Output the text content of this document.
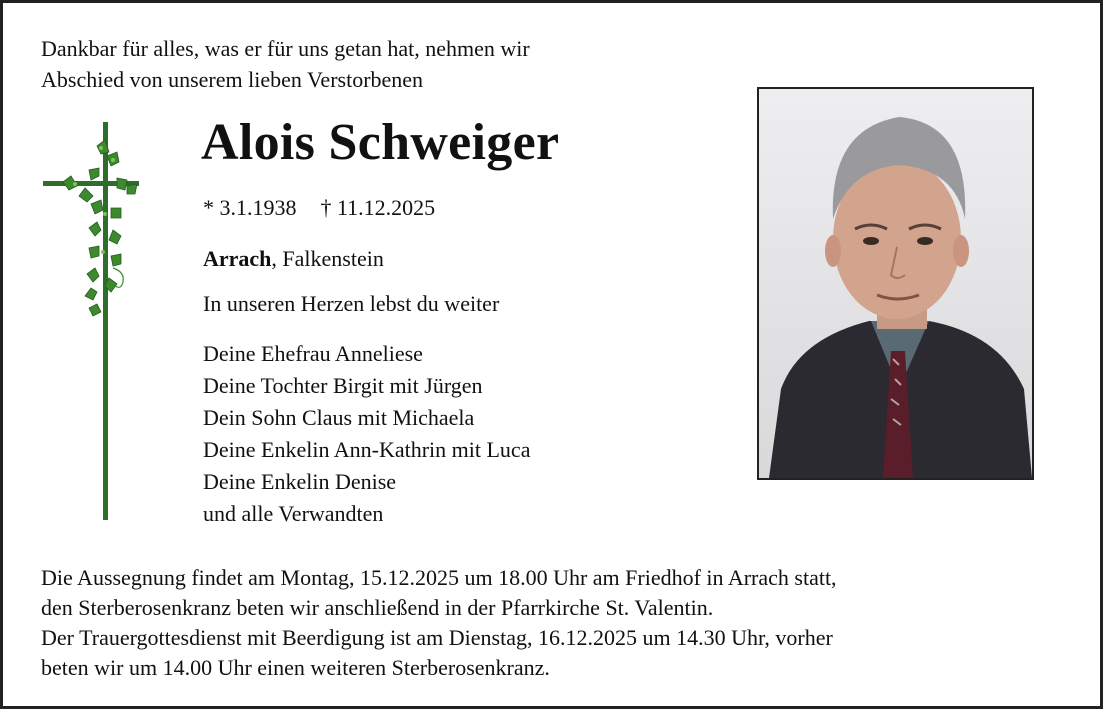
Dankbar für alles, was er für uns getan hat, nehmen wir
Abschied von unserem lieben Verstorbenen
Alois Schweiger
* 3.1.1938 † 11.12.2025
Arrach, Falkenstein
In unseren Herzen lebst du weiter
Deine Ehefrau Anneliese
Deine Tochter Birgit mit Jürgen
Dein Sohn Claus mit Michaela
Deine Enkelin Ann-Kathrin mit Luca
Deine Enkelin Denise
und alle Verwandten
Die Aussegnung findet am Montag, 15.12.2025 um 18.00 Uhr am Friedhof in Arrach statt,
den Sterberosenkranz beten wir anschließend in der Pfarrkirche St. Valentin.
Der Trauergottesdienst mit Beerdigung ist am Dienstag, 16.12.2025 um 14.30 Uhr, vorher
beten wir um 14.00 Uhr einen weiteren Sterberosenkranz.
